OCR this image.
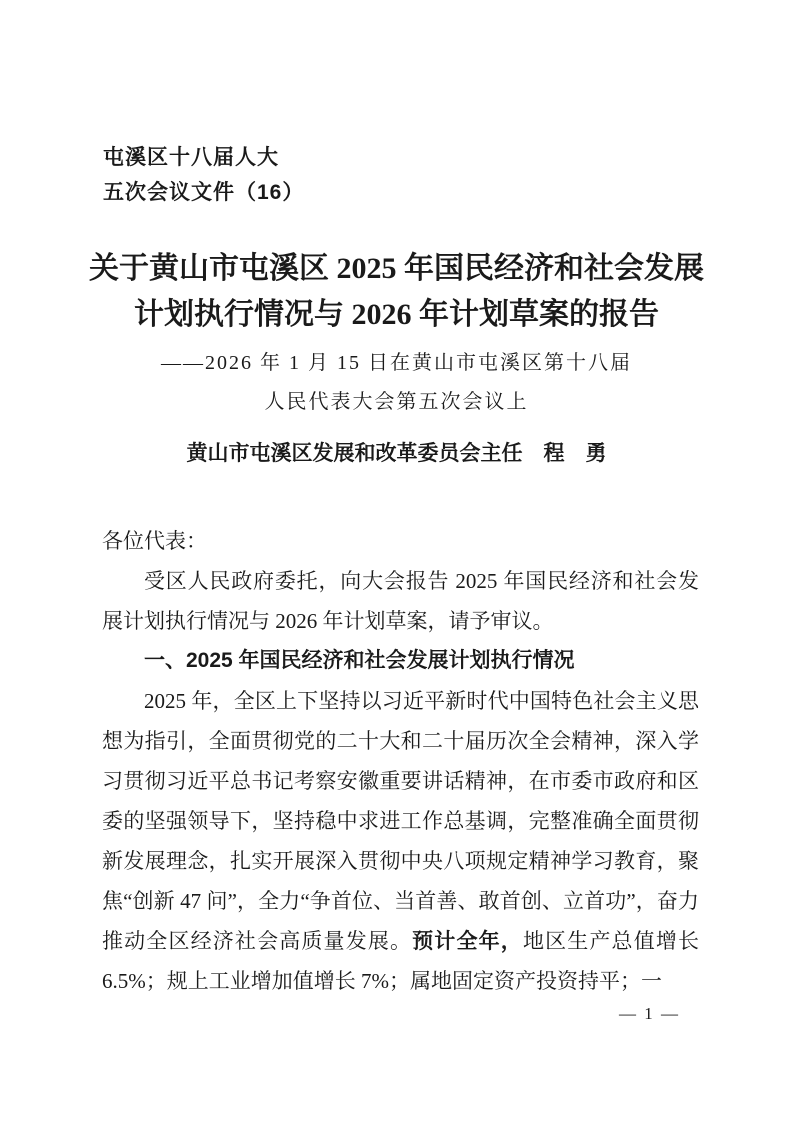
屯溪区十八届人大
五次会议文件（16）
关于黄山市屯溪区 2025 年国民经济和社会发展
计划执行情况与 2026 年计划草案的报告
——2026 年 1 月 15 日在黄山市屯溪区第十八届
人民代表大会第五次会议上
黄山市屯溪区发展和改革委员会主任　程　勇
各位代表：
受区人民政府委托，向大会报告 2025 年国民经济和社会发展计划执行情况与 2026 年计划草案，请予审议。
一、2025 年国民经济和社会发展计划执行情况
2025 年，全区上下坚持以习近平新时代中国特色社会主义思想为指引，全面贯彻党的二十大和二十届历次全会精神，深入学习贯彻习近平总书记考察安徽重要讲话精神，在市委市政府和区委的坚强领导下，坚持稳中求进工作总基调，完整准确全面贯彻新发展理念，扎实开展深入贯彻中央八项规定精神学习教育，聚焦“创新 47 问”，全力“争首位、当首善、敢首创、立首功”，奋力推动全区经济社会高质量发展。预计全年，地区生产总值增长 6.5%；规上工业增加值增长 7%；属地固定资产投资持平；一
— 1 —
